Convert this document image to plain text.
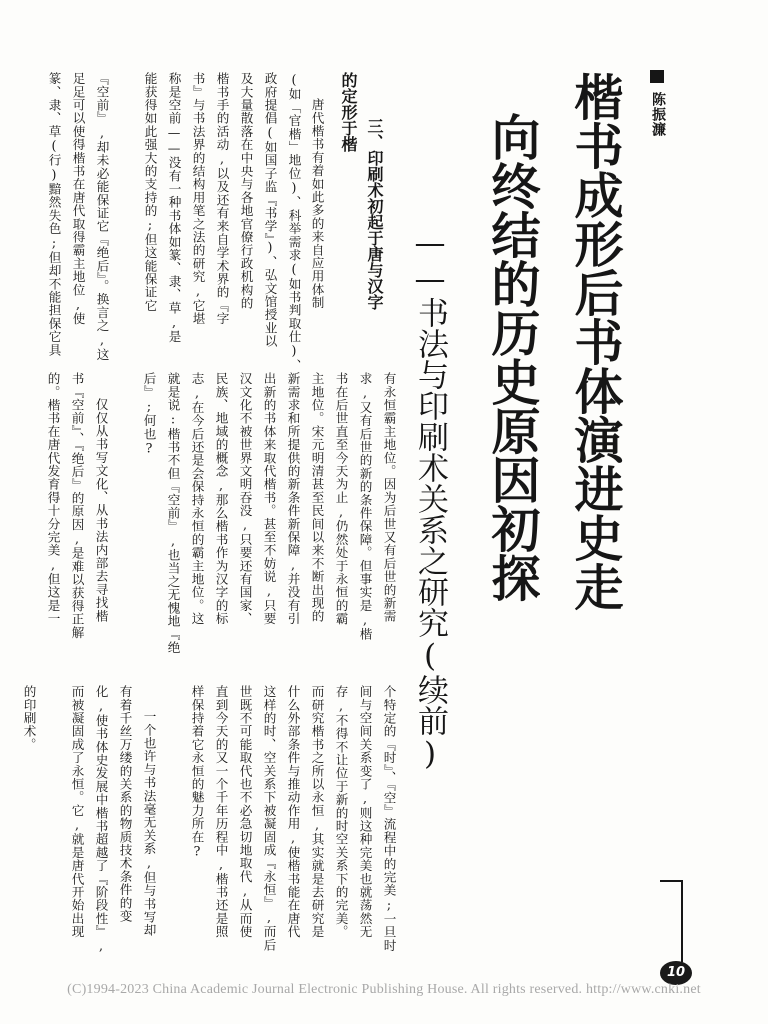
楷书成形后书体演进史走
向终结的历史原因初探	陈振濂
——书法与印刷术关系之研究(续前)
三、印刷术初起于唐与汉字
的定形于楷
唐代楷书有着如此多的来自应用体制
(如「官楷」地位)、科举需求(如书判取仕)、
政府提倡(如国子监『书学』)、弘文馆授业以
及大量散落在中央与各地官僚行政机构的
楷书手的活动,以及还有来自学术界的『字
书』与书法界的结构用笔之法的研究,它堪
称是空前——没有一种书体如篆、隶、草,是
能获得如此强大的支持的;但这能保证它
『空前』,却未必能保证它『绝后』。换言之,这
足足可以使得楷书在唐代取得霸主地位,使
篆、隶、草(行)黯然失色;但却不能担保它具
有永恒霸主地位。因为后世又有后世的新需
求,又有后世的新的条件保障。但事实是,楷
书在后世直至今天为止,仍然处于永恒的霸
主地位。宋元明清甚至民间以来不断出现的
新需求和所提供的新条件新保障,并没有引
出新的书体来取代楷书。甚至不妨说,只要
汉文化不被世界文明吞没,只要还有国家、
民族、地域的概念,那么楷书作为汉字的标
志,在今后还是会保持永恒的霸主地位。这
就是说:楷书不但『空前』,也当之无愧地『绝
后』;何也?
仅仅从书写文化、从书法内部去寻找楷
书『空前』、『绝后』的原因,是难以获得正解
的。楷书在唐代发育得十分完美,但这是一
的印刷术。	个特定的『时』、『空』流程中的完美;一旦时
间与空间关系变了,则这种完美也就荡然无
存,不得不让位于新的时空关系下的完美。
而研究楷书之所以永恒,其实就是去研究是
什么外部条件与推动作用,使楷书能在唐代
这样的时、空关系下被凝固成『永恒』,而后
世既不可能取代也不必急切地取代,从而使
直到今天的又一个千年历程中,楷书还是照
样保持着它永恒的魅力所在?
一个也许与书法毫无关系,但与书写却
有着千丝万缕的关系的物质技术条件的变
化,使书体史发展中楷书超越了『阶段性』,
而被凝固成了永恒。它,就是唐代开始出现
10
(C)1994-2023 China Academic Journal Electronic Publishing House. All rights reserved. http://www.cnki.net
